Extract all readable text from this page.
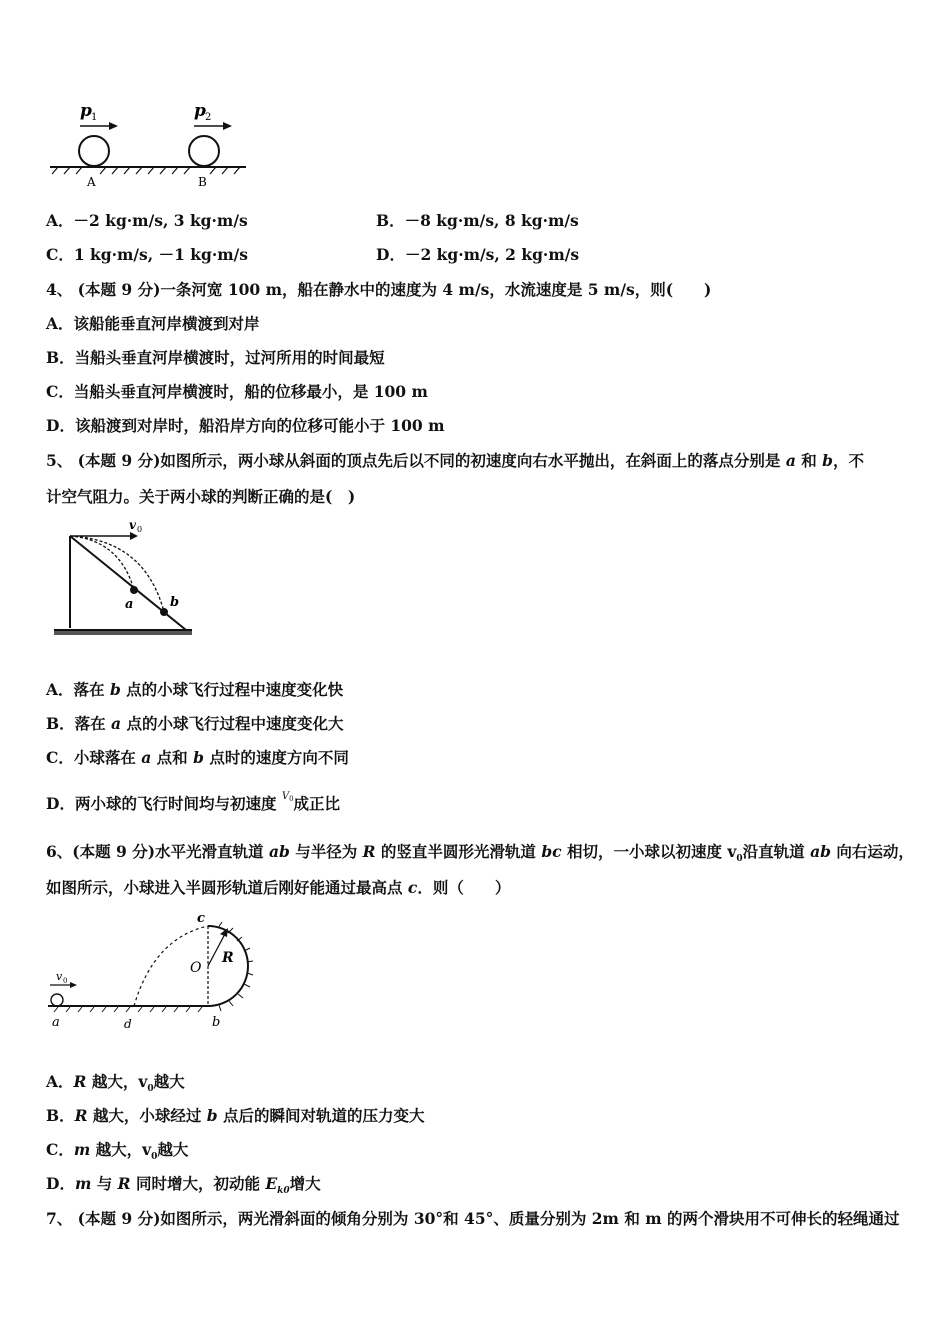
p 1	p 2
A	B
A．－2 kg·m/s, 3 kg·m/s	B．－8 kg·m/s, 8 kg·m/s
C．1 kg·m/s, －1 kg·m/s	D．－2 kg·m/s, 2 kg·m/s
4、 (本题 9 分)一条河宽 100 m，船在静水中的速度为 4 m/s，水流速度是 5 m/s，则(　　)
A．该船能垂直河岸横渡到对岸
B．当船头垂直河岸横渡时，过河所用的时间最短
C．当船头垂直河岸横渡时，船的位移最小，是 100 m
D．该船渡到对岸时，船沿岸方向的位移可能小于 100 m
5、 (本题 9 分)如图所示，两小球从斜面的顶点先后以不同的初速度向右水平抛出，在斜面上的落点分别是 a 和 b，不
计空气阻力。关于两小球的判断正确的是(　)
v 0
a	b
A．落在 b 点的小球飞行过程中速度变化快
B．落在 a 点的小球飞行过程中速度变化大
C．小球落在 a 点和 b 点时的速度方向不同
D．两小球的飞行时间均与初速度 $^{V0}$成正比
6、(本题 9 分)水平光滑直轨道 ab 与半径为 R 的竖直半圆形光滑轨道 bc 相切，一小球以初速度 $v_0$沿直轨道 ab 向右运动，
如图所示，小球进入半圆形轨道后刚好能通过最高点 c．则（　　）
c
O
R
v 0
a	d	b
A．R 越大，$v_0$越大
B．R 越大，小球经过 b 点后的瞬间对轨道的压力变大
C．m 越大，$v_0$越大
D．m 与 R 同时增大，初动能 $E_{k0}$增大
7、 (本题 9 分)如图所示，两光滑斜面的倾角分别为 30°和 45°、质量分别为 2m 和 m 的两个滑块用不可伸长的轻绳通过
